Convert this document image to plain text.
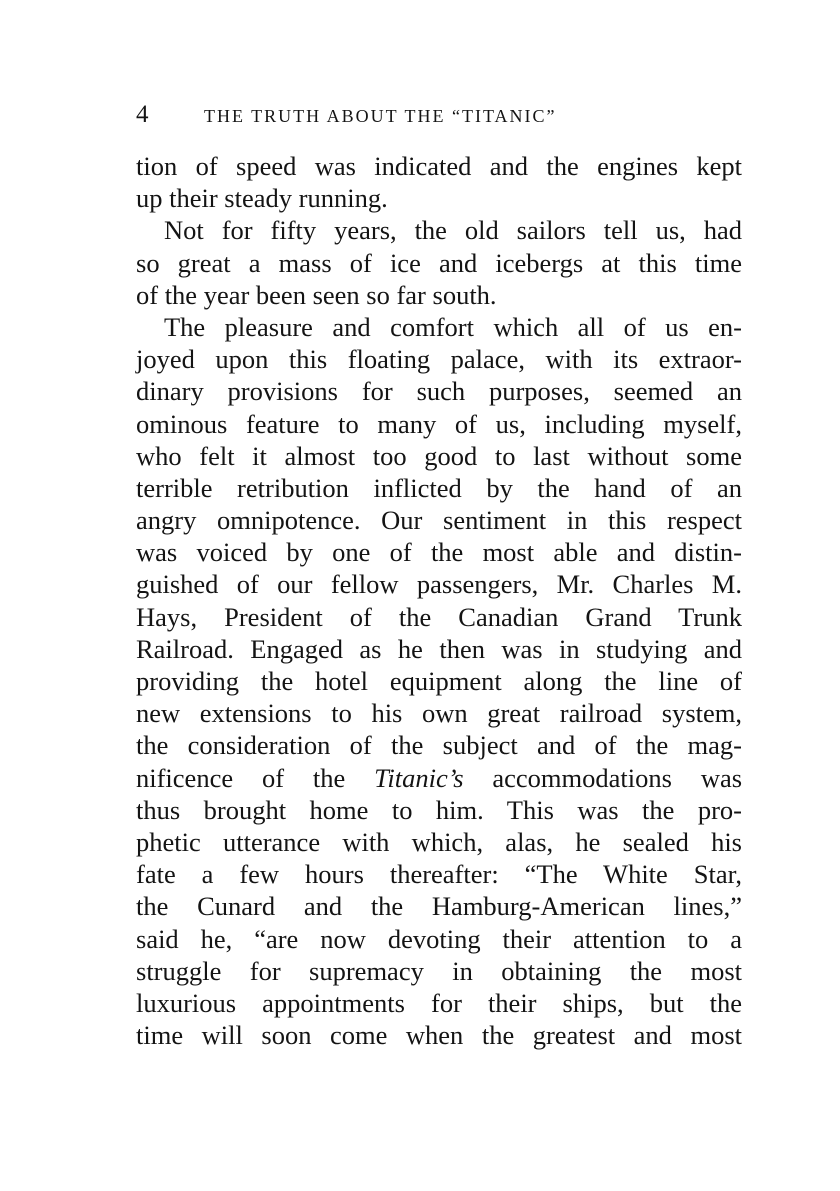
4	THE TRUTH ABOUT THE “TITANIC”
tion of speed was indicated and the engines kept
up their steady running.
Not for fifty years, the old sailors tell us, had
so great a mass of ice and icebergs at this time
of the year been seen so far south.
The pleasure and comfort which all of us en-
joyed upon this floating palace, with its extraor-
dinary provisions for such purposes, seemed an
ominous feature to many of us, including myself,
who felt it almost too good to last without some
terrible retribution inflicted by the hand of an
angry omnipotence. Our sentiment in this respect
was voiced by one of the most able and distin-
guished of our fellow passengers, Mr. Charles M.
Hays, President of the Canadian Grand Trunk
Railroad. Engaged as he then was in studying and
providing the hotel equipment along the line of
new extensions to his own great railroad system,
the consideration of the subject and of the mag-
nificence of the Titanic’s accommodations was
thus brought home to him. This was the pro-
phetic utterance with which, alas, he sealed his
fate a few hours thereafter: “The White Star,
the Cunard and the Hamburg-American lines,”
said he, “are now devoting their attention to a
struggle for supremacy in obtaining the most
luxurious appointments for their ships, but the
time will soon come when the greatest and most
